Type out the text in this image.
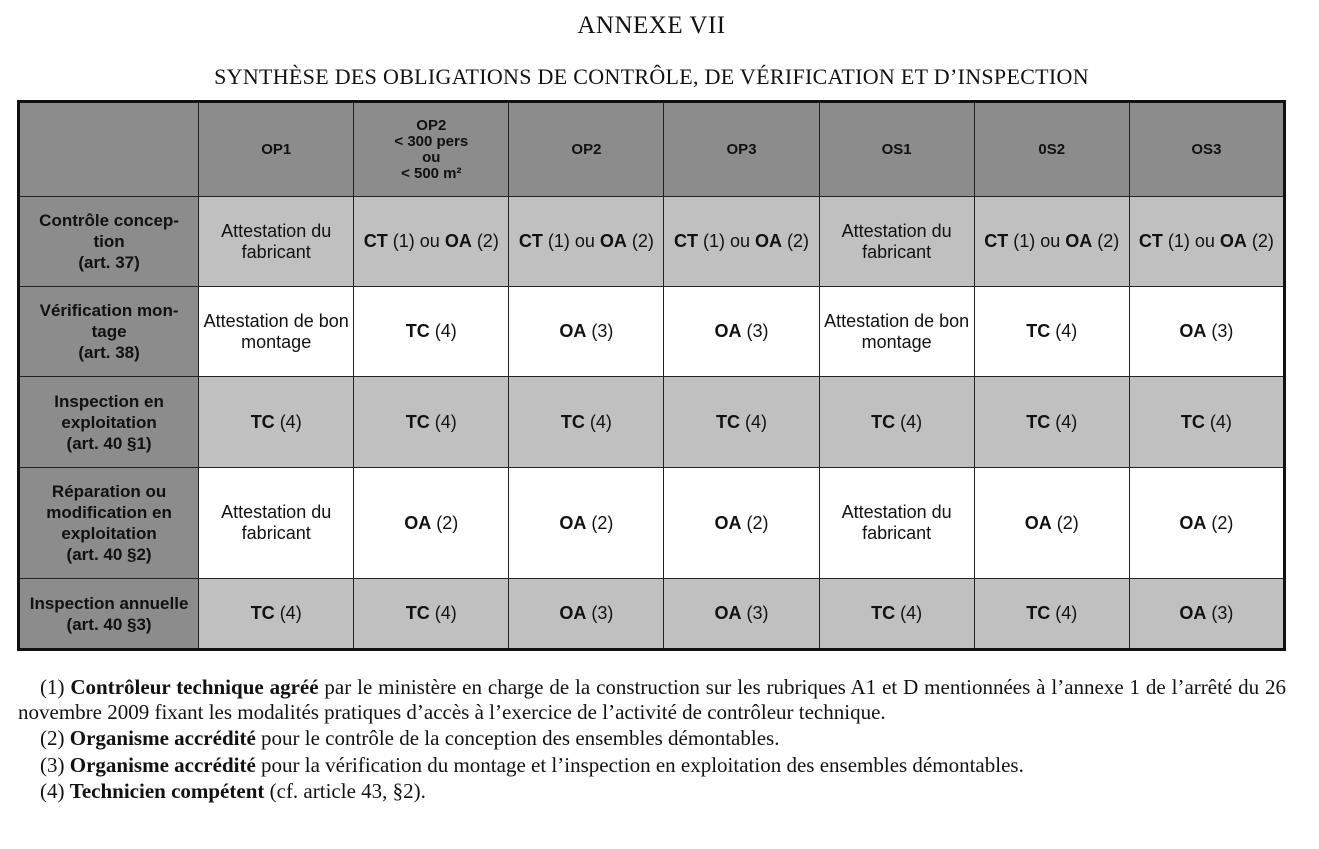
ANNEXE VII
SYNTHÈSE DES OBLIGATIONS DE CONTRÔLE, DE VÉRIFICATION ET D’INSPECTION

	OP1	OP2
< 300 pers
ou
< 500 m²	OP2	OP3	OS1	0S2	OS3

Contrôle concep-
tion
(art. 37)	Attestation du fabricant	CT (1) ou OA (2)	CT (1) ou OA (2)	CT (1) ou OA (2)	Attestation du fabricant	CT (1) ou OA (2)	CT (1) ou OA (2)

Vérification mon-
tage
(art. 38)	Attestation de bon montage	TC (4)	OA (3)	OA (3)	Attestation de bon montage	TC (4)	OA (3)

Inspection en
exploitation
(art. 40 §1)	TC (4)	TC (4)	TC (4)	TC (4)	TC (4)	TC (4)	TC (4)

Réparation ou
modification en
exploitation
(art. 40 §2)	Attestation du fabricant	OA (2)	OA (2)	OA (2)	Attestation du fabricant	OA (2)	OA (2)

Inspection annuelle
(art. 40 §3)	TC (4)	TC (4)	OA (3)	OA (3)	TC (4)	TC (4)	OA (3)

(1) Contrôleur technique agréé par le ministère en charge de la construction sur les rubriques A1 et D mentionnées à l’annexe 1 de l’arrêté du 26 novembre 2009 fixant les modalités pratiques d’accès à l’exercice de l’activité de contrôleur technique.

(2) Organisme accrédité pour le contrôle de la conception des ensembles démontables.

(3) Organisme accrédité pour la vérification du montage et l’inspection en exploitation des ensembles démontables.

(4) Technicien compétent (cf. article 43, §2).
